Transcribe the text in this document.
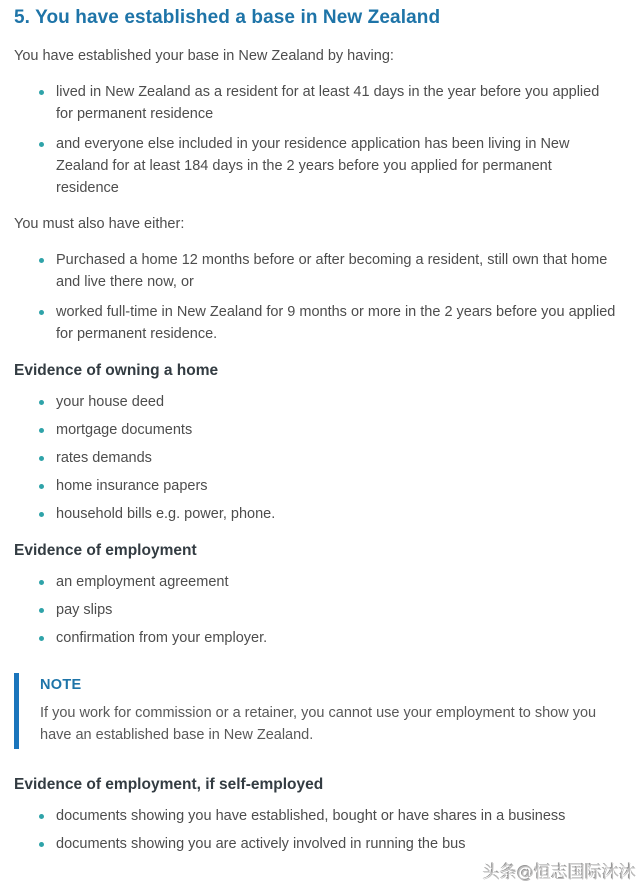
5. You have established a base in New Zealand

You have established your base in New Zealand by having:

lived in New Zealand as a resident for at least 41 days in the year before you applied for permanent residence
and everyone else included in your residence application has been living in New Zealand for at least 184 days in the 2 years before you applied for permanent residence

You must also have either:

Purchased a home 12 months before or after becoming a resident, still own that home and live there now, or
worked full-time in New Zealand for 9 months or more in the 2 years before you applied for permanent residence.
Evidence of owning a home
your house deed
mortgage documents
rates demands
home insurance papers
household bills e.g. power, phone.
Evidence of employment
an employment agreement
pay slips
confirmation from your employer.

NOTE

If you work for commission or a retainer, you cannot use your employment to show you have an established base in New Zealand.

Evidence of employment, if self-employed
documents showing you have established, bought or have shares in a business
documents showing you are actively involved in running the bus
头条@恒志国际沐沐
